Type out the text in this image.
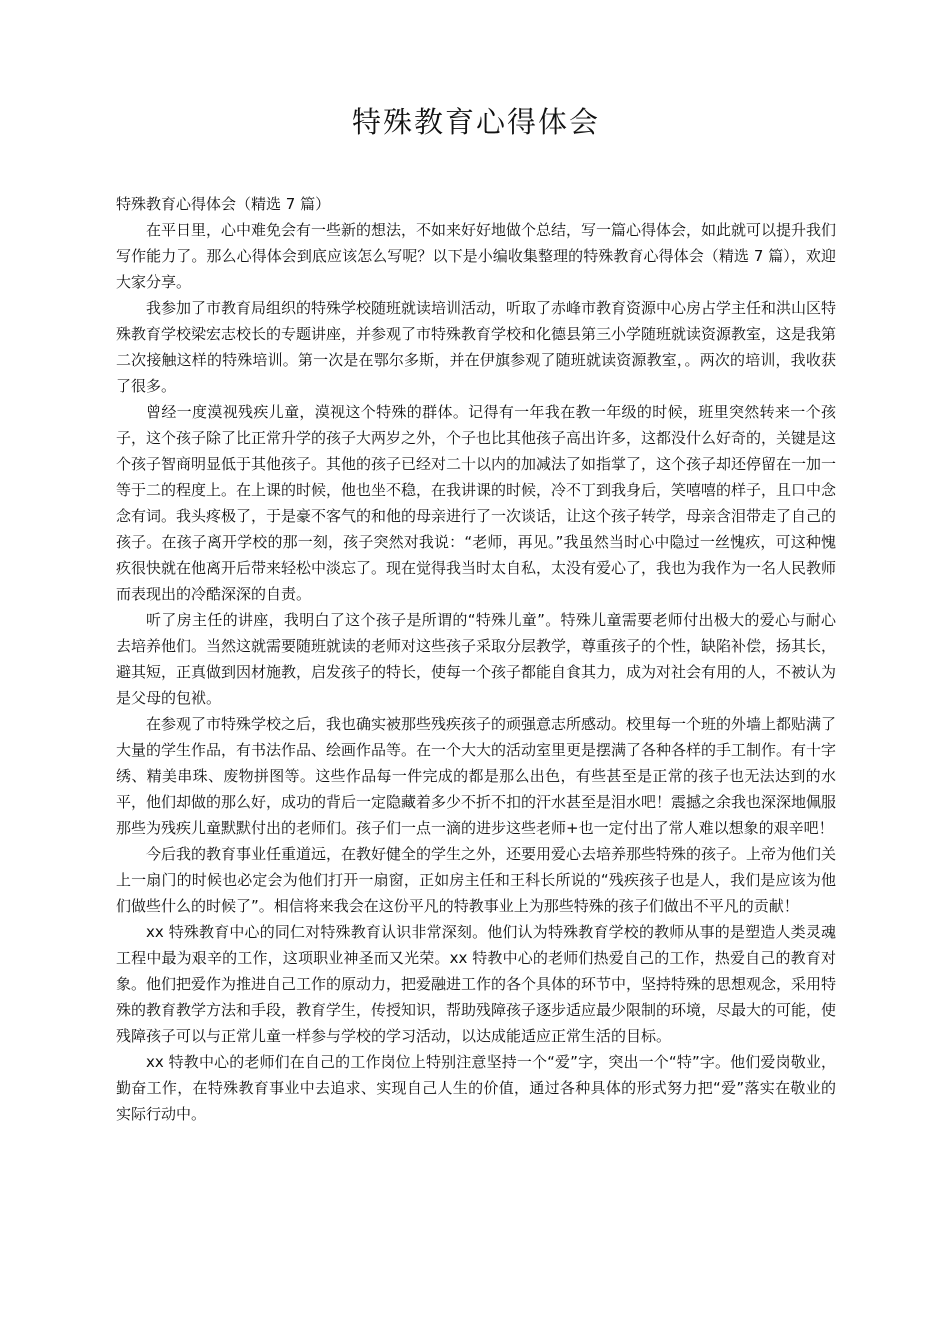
特殊教育心得体会

特殊教育心得体会（精选 7 篇）

在平日里，心中难免会有一些新的想法，不如来好好地做个总结，写一篇心得体会，如此就可以提升我们写作能力了。那么心得体会到底应该怎么写呢？以下是小编收集整理的特殊教育心得体会（精选 7 篇），欢迎大家分享。

我参加了市教育局组织的特殊学校随班就读培训活动，听取了赤峰市教育资源中心房占学主任和洪山区特殊教育学校梁宏志校长的专题讲座，并参观了市特殊教育学校和化德县第三小学随班就读资源教室，这是我第二次接触这样的特殊培训。第一次是在鄂尔多斯，并在伊旗参观了随班就读资源教室，。两次的培训，我收获了很多。

曾经一度漠视残疾儿童，漠视这个特殊的群体。记得有一年我在教一年级的时候，班里突然转来一个孩子，这个孩子除了比正常升学的孩子大两岁之外，个子也比其他孩子高出许多，这都没什么好奇的，关键是这个孩子智商明显低于其他孩子。其他的孩子已经对二十以内的加减法了如指掌了，这个孩子却还停留在一加一等于二的程度上。在上课的时候，他也坐不稳，在我讲课的时候，冷不丁到我身后，笑嘻嘻的样子，且口中念念有词。我头疼极了，于是豪不客气的和他的母亲进行了一次谈话，让这个孩子转学，母亲含泪带走了自己的孩子。在孩子离开学校的那一刻，孩子突然对我说：“老师，再见。”我虽然当时心中隐过一丝愧疚，可这种愧疚很快就在他离开后带来轻松中淡忘了。现在觉得我当时太自私，太没有爱心了，我也为我作为一名人民教师而表现出的冷酷深深的自责。

听了房主任的讲座，我明白了这个孩子是所谓的“特殊儿童”。特殊儿童需要老师付出极大的爱心与耐心去培养他们。当然这就需要随班就读的老师对这些孩子采取分层教学，尊重孩子的个性，缺陷补偿，扬其长，避其短，正真做到因材施教，启发孩子的特长，使每一个孩子都能自食其力，成为对社会有用的人，不被认为是父母的包袱。

在参观了市特殊学校之后，我也确实被那些残疾孩子的顽强意志所感动。校里每一个班的外墙上都贴满了大量的学生作品，有书法作品、绘画作品等。在一个大大的活动室里更是摆满了各种各样的手工制作。有十字绣、精美串珠、废物拼图等。这些作品每一件完成的都是那么出色，有些甚至是正常的孩子也无法达到的水平，他们却做的那么好，成功的背后一定隐藏着多少不折不扣的汗水甚至是泪水吧！震撼之余我也深深地佩服那些为残疾儿童默默付出的老师们。孩子们一点一滴的进步这些老师+也一定付出了常人难以想象的艰辛吧！

今后我的教育事业任重道远，在教好健全的学生之外，还要用爱心去培养那些特殊的孩子。上帝为他们关上一扇门的时候也必定会为他们打开一扇窗，正如房主任和王科长所说的“残疾孩子也是人，我们是应该为他们做些什么的时候了”。相信将来我会在这份平凡的特教事业上为那些特殊的孩子们做出不平凡的贡献！

xx 特殊教育中心的同仁对特殊教育认识非常深刻。他们认为特殊教育学校的教师从事的是塑造人类灵魂工程中最为艰辛的工作，这项职业神圣而又光荣。xx 特教中心的老师们热爱自己的工作，热爱自己的教育对象。他们把爱作为推进自己工作的原动力，把爱融进工作的各个具体的环节中，坚持特殊的思想观念，采用特殊的教育教学方法和手段，教育学生，传授知识，帮助残障孩子逐步适应最少限制的环境，尽最大的可能，使残障孩子可以与正常儿童一样参与学校的学习活动，以达成能适应正常生活的目标。

xx 特教中心的老师们在自己的工作岗位上特别注意坚持一个“爱”字，突出一个“特”字。他们爱岗敬业，勤奋工作，在特殊教育事业中去追求、实现自己人生的价值，通过各种具体的形式努力把“爱”落实在敬业的实际行动中。
